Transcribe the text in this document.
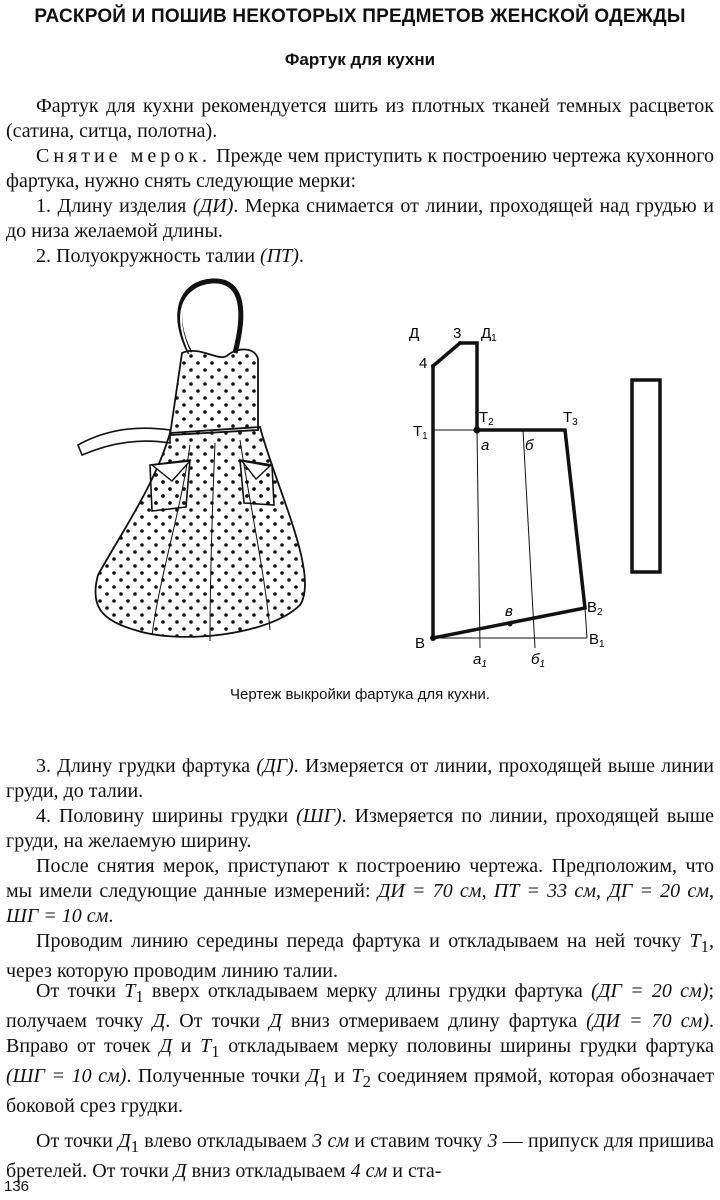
РАСКРОЙ И ПОШИВ НЕКОТОРЫХ ПРЕДМЕТОВ ЖЕНСКОЙ ОДЕЖДЫ
Фартук для кухни

Фартук для кухни рекомендуется шить из плотных тканей темных расцветок (сатина, ситца, полотна).

Снятие мерок. Прежде чем приступить к построению чертежа кухонного фартука, нужно снять следующие мерки:

1. Длину изделия (ДИ). Мерка снимается от линии, проходящей над грудью и до низа желаемой длины.

2. Полуокружность талии (ПТ).

Д 3 $Д_1$
4
$Т_1$
$Т_2$	$Т_3$
а б
в
В
$В_2$
$В_1$
$а_1$	$б_1$
Чертеж выкройки фартука для кухни.

3. Длину грудки фартука (ДГ). Измеряется от линии, проходящей выше линии груди, до талии.

4. Половину ширины грудки (ШГ). Измеряется по линии, проходящей выше груди, на желаемую ширину.

После снятия мерок, приступают к построению чертежа. Предположим, что мы имели следующие данные измерений: ДИ = 70 см, ПТ = 33 см, ДГ = 20 см, ШГ = 10 см.

Проводим линию середины переда фартука и откладываем на ней точку $Т_1$, через которую проводим линию талии.

От точки $Т_1$ вверх откладываем мерку длины грудки фартука (ДГ = 20 см); получаем точку Д. От точки Д вниз отмериваем длину фартука (ДИ = 70 см). Вправо от точек Д и $Т_1$ откладываем мерку половины ширины грудки фартука (ШГ = 10 см). Полученные точки $Д_1$ и $Т_2$ соединяем прямой, которая обозначает боковой срез грудки.

От точки $Д_1$ влево откладываем 3 см и ставим точку 3 — припуск для пришива бретелей. От точки Д вниз откладываем 4 см и ста-

136
